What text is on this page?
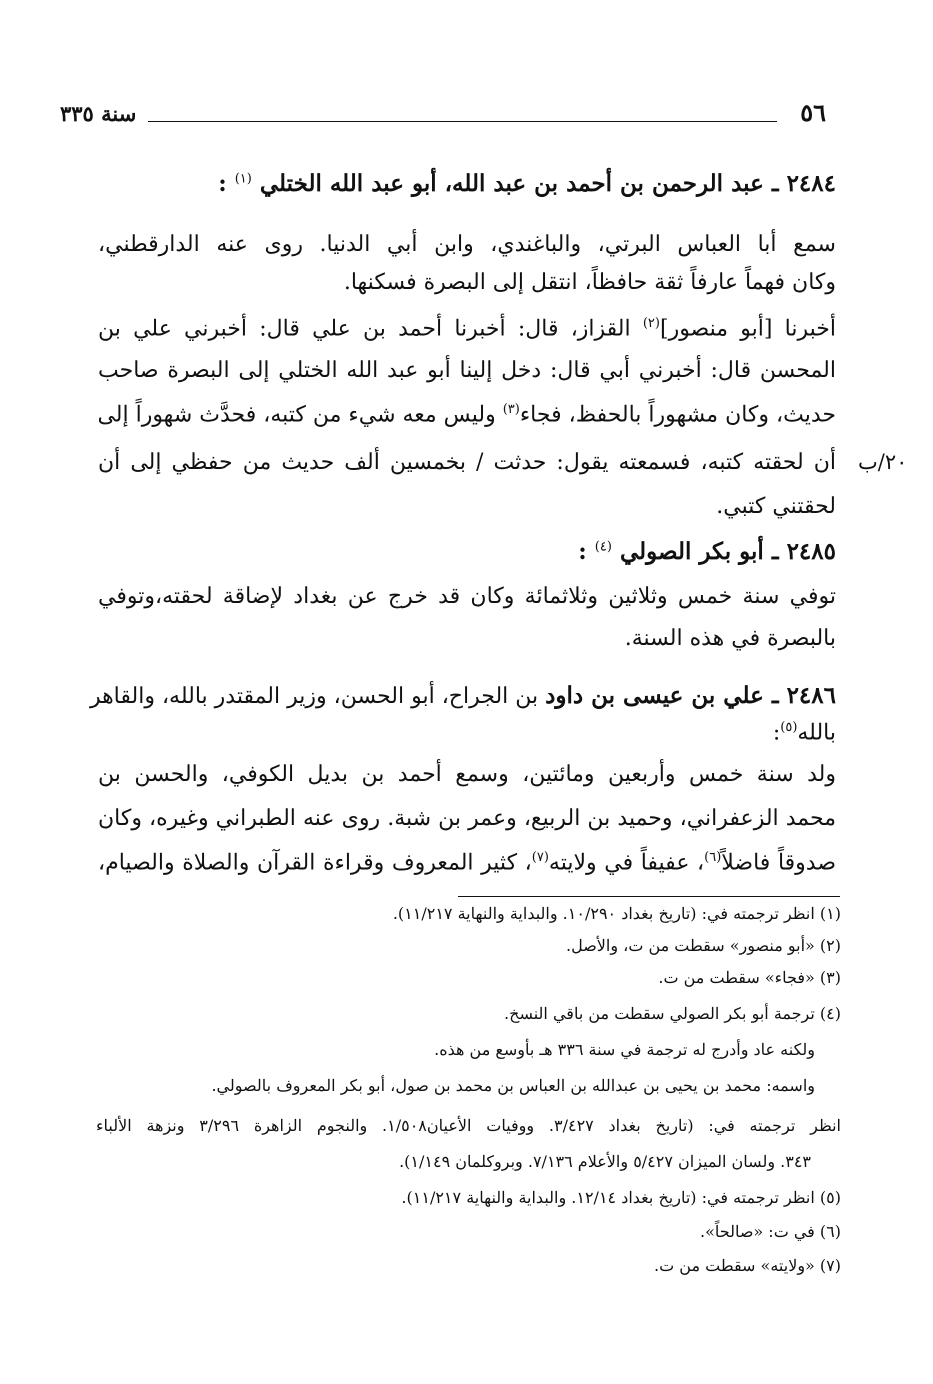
٥٦
سنة ٣٣٥
٢٤٨٤ ـ عبد الرحمن بن أحمد بن عبد الله، أبو عبد الله الختلي $^{(١)}$ :
سمع أبا العباس البرتي، والباغندي، وابن أبي الدنيا. روى عنه الدارقطني،
وكان فهماً عارفاً ثقة حافظاً، انتقل إلى البصرة فسكنها.
أخبرنا [أبو منصور]$^{(٢)}$ القزاز، قال: أخبرنا أحمد بن علي قال: أخبرني علي بن
المحسن قال: أخبرني أبي قال: دخل إلينا أبو عبد الله الختلي إلى البصرة صاحب
حديث، وكان مشهوراً بالحفظ، فجاء$^{(٣)}$ وليس معه شيء من كتبه، فحدَّث شهوراً إلى
أن لحقته كتبه، فسمعته يقول: حدثت / بخمسين ألف حديث من حفظي إلى أن ٢٠/ب
لحقتني كتبي.
٢٤٨٥ ـ أبو بكر الصولي $^{(٤)}$ :
توفي سنة خمس وثلاثين وثلاثمائة وكان قد خرج عن بغداد لإضاقة لحقته،وتوفي
بالبصرة في هذه السنة.
٢٤٨٦ ـ علي بن عيسى بن داود بن الجراح، أبو الحسن، وزير المقتدر بالله، والقاهر
بالله$^{(٥)}$:
ولد سنة خمس وأربعين ومائتين، وسمع أحمد بن بديل الكوفي، والحسن بن
محمد الزعفراني، وحميد بن الربيع، وعمر بن شبة. روى عنه الطبراني وغيره، وكان
صدوقاً فاضلاً$^{(٦)}$، عفيفاً في ولايته$^{(٧)}$، كثير المعروف وقراءة القرآن والصلاة والصيام،
(١) انظر ترجمته في: (تاريخ بغداد ١٠/٢٩٠. والبداية والنهاية ١١/٢١٧).
(٢) «أبو منصور» سقطت من ت، والأصل.
(٣) «فجاء» سقطت من ت.
(٤) ترجمة أبو بكر الصولي سقطت من باقي النسخ.
ولكنه عاد وأدرج له ترجمة في سنة ٣٣٦ هـ بأوسع من هذه.
واسمه: محمد بن يحيى بن عبدالله بن العباس بن محمد بن صول، أبو بكر المعروف بالصولي.
انظر ترجمته في: (تاريخ بغداد ٣/٤٢٧. ووفيات الأعيان١/٥٠٨. والنجوم الزاهرة ٣/٢٩٦ ونزهة الألباء
٣٤٣. ولسان الميزان ٥/٤٢٧ والأعلام ٧/١٣٦. وبروكلمان ١/١٤٩).
(٥) انظر ترجمته في: (تاريخ بغداد ١٢/١٤. والبداية والنهاية ١١/٢١٧).
(٦) في ت: «صالحاً».
(٧) «ولايته» سقطت من ت.
